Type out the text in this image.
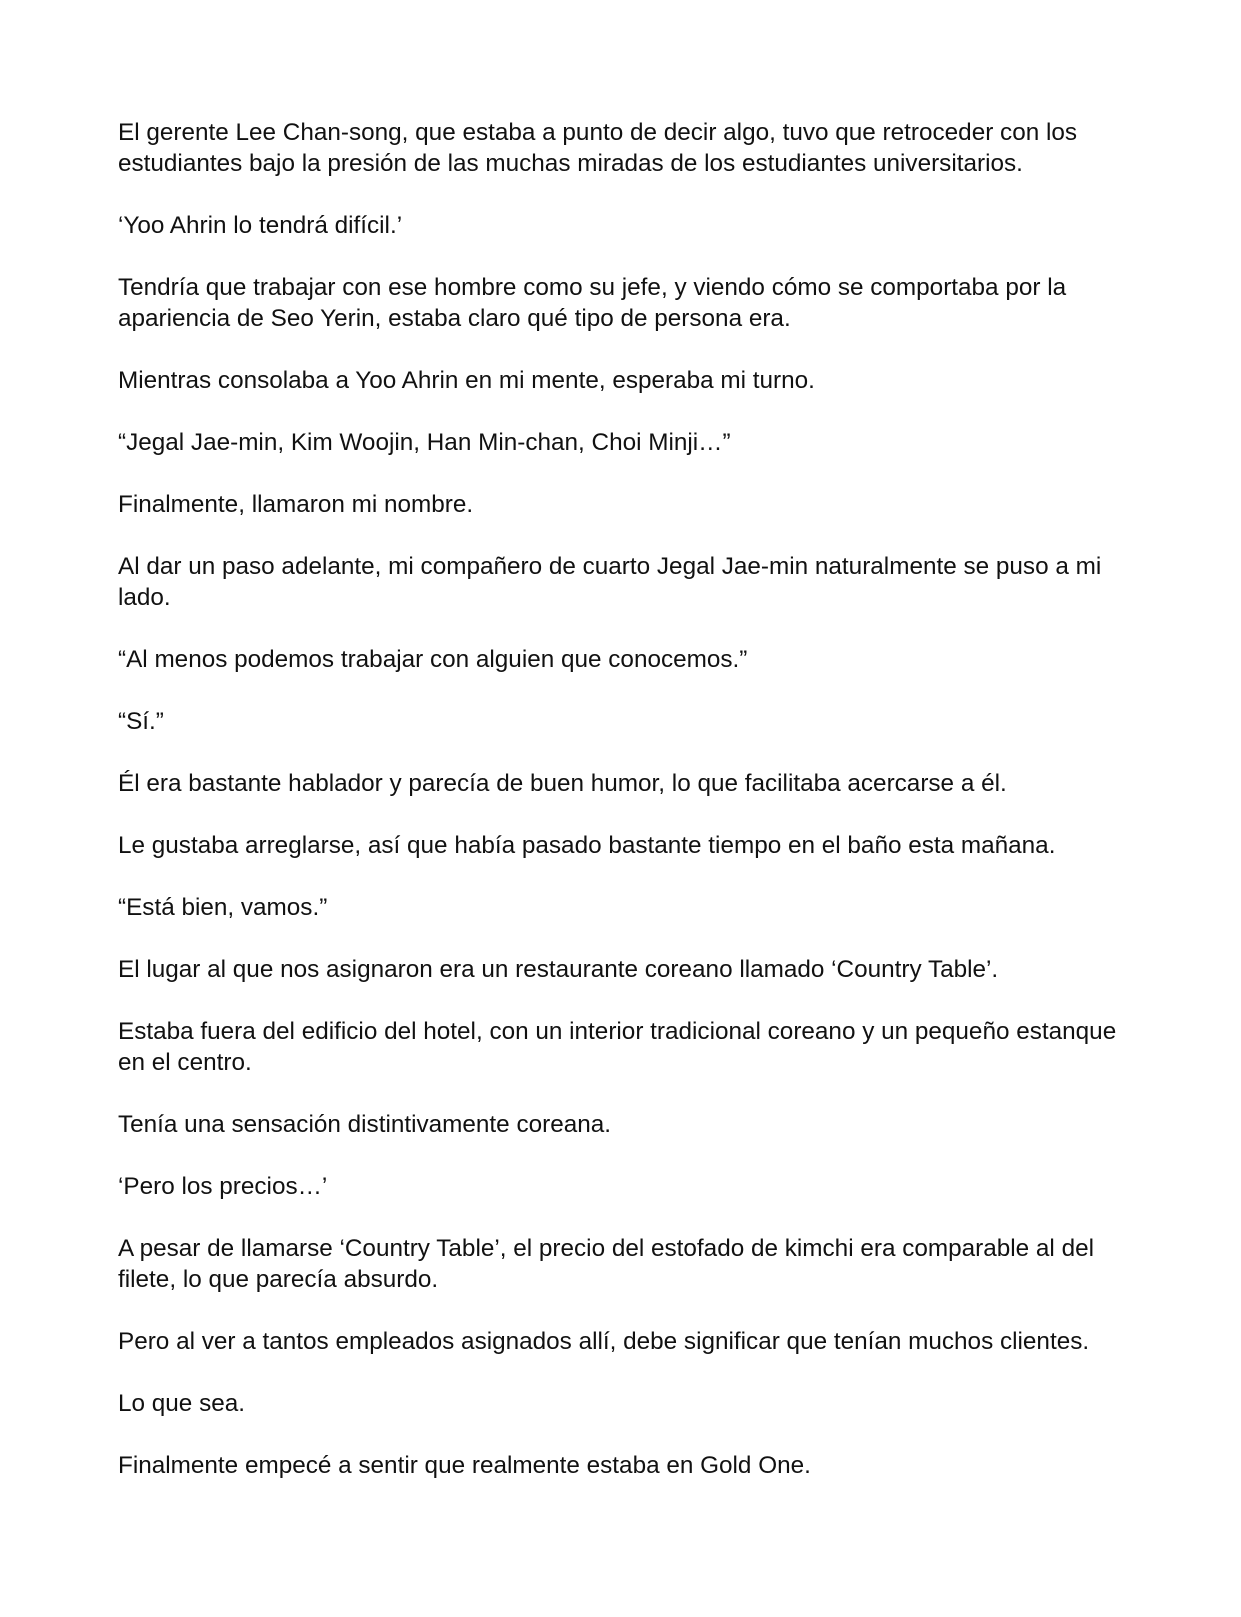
El gerente Lee Chan-song, que estaba a punto de decir algo, tuvo que retroceder con los estudiantes bajo la presión de las muchas miradas de los estudiantes universitarios.

‘Yoo Ahrin lo tendrá difícil.’

Tendría que trabajar con ese hombre como su jefe, y viendo cómo se comportaba por la apariencia de Seo Yerin, estaba claro qué tipo de persona era.

Mientras consolaba a Yoo Ahrin en mi mente, esperaba mi turno.

“Jegal Jae-min, Kim Woojin, Han Min-chan, Choi Minji…”

Finalmente, llamaron mi nombre.

Al dar un paso adelante, mi compañero de cuarto Jegal Jae-min naturalmente se puso a mi lado.

“Al menos podemos trabajar con alguien que conocemos.”

“Sí.”

Él era bastante hablador y parecía de buen humor, lo que facilitaba acercarse a él.

Le gustaba arreglarse, así que había pasado bastante tiempo en el baño esta mañana.

“Está bien, vamos.”

El lugar al que nos asignaron era un restaurante coreano llamado ‘Country Table’.

Estaba fuera del edificio del hotel, con un interior tradicional coreano y un pequeño estanque en el centro.

Tenía una sensación distintivamente coreana.

‘Pero los precios…’

A pesar de llamarse ‘Country Table’, el precio del estofado de kimchi era comparable al del filete, lo que parecía absurdo.

Pero al ver a tantos empleados asignados allí, debe significar que tenían muchos clientes.

Lo que sea.

Finalmente empecé a sentir que realmente estaba en Gold One.
